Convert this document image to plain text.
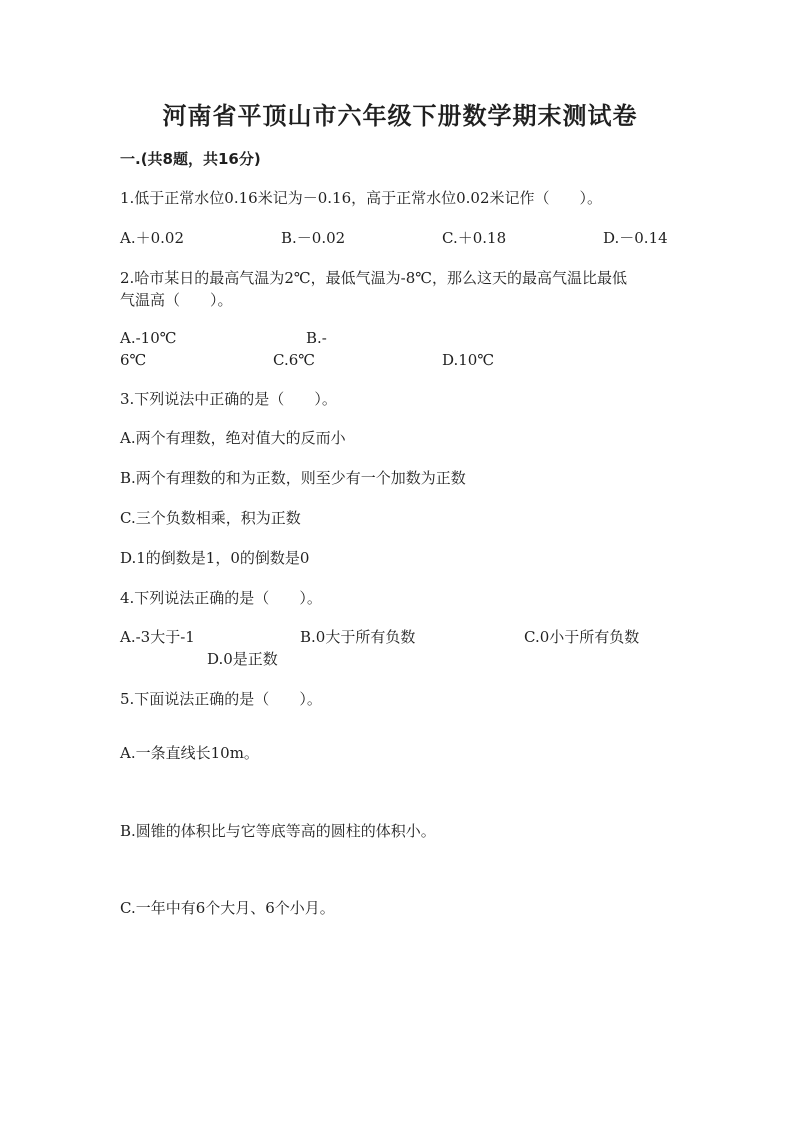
河南省平顶山市六年级下册数学期末测试卷
一.(共8题，共16分)
1.低于正常水位0.16米记为－0.16，高于正常水位0.02米记作（　　）。
A.＋0.02	B.－0.02	C.＋0.18	D.－0.14
2.哈市某日的最高气温为2℃，最低气温为-8℃，那么这天的最高气温比最低
气温高（　　）。
A.-10℃	B.-
6℃	C.6℃	D.10℃
3.下列说法中正确的是（　　）。
A.两个有理数，绝对值大的反而小
B.两个有理数的和为正数，则至少有一个加数为正数
C.三个负数相乘，积为正数
D.1的倒数是1，0的倒数是0
4.下列说法正确的是（　　）。
A.-3大于-1	B.0大于所有负数	C.0小于所有负数
D.0是正数
5.下面说法正确的是（　　）。
A.一条直线长10m。
B.圆锥的体积比与它等底等高的圆柱的体积小。
C.一年中有6个大月、6个小月。
